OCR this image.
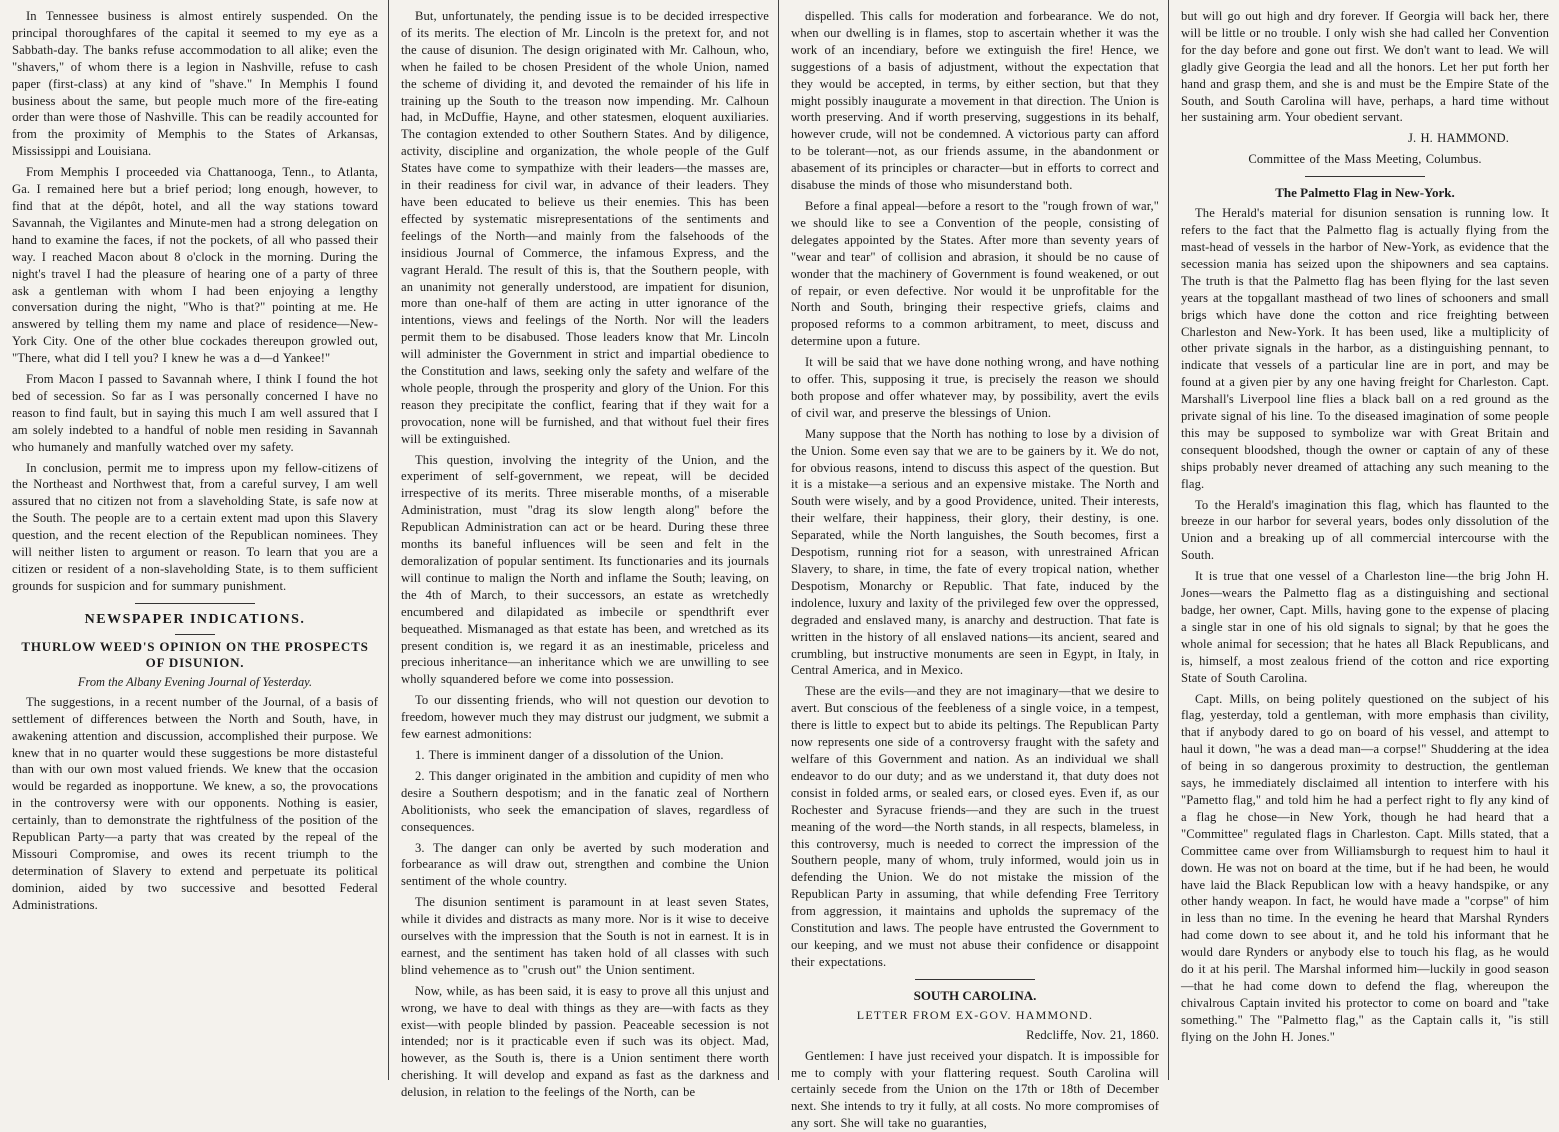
In Tennessee business is almost entirely suspended. On the principal thoroughfares of the capital it seemed to my eye as a Sabbath-day. The banks refuse accommodation to all alike; even the "shavers," of whom there is a legion in Nashville, refuse to cash paper (first-class) at any kind of "shave." In Memphis I found business about the same, but people much more of the fire-eating order than were those of Nashville. This can be readily accounted for from the proximity of Memphis to the States of Arkansas, Mississippi and Louisiana.

From Memphis I proceeded via Chattanooga, Tenn., to Atlanta, Ga. I remained here but a brief period; long enough, however, to find that at the dépôt, hotel, and all the way stations toward Savannah, the Vigilantes and Minute-men had a strong delegation on hand to examine the faces, if not the pockets, of all who passed their way. I reached Macon about 8 o'clock in the morning. During the night's travel I had the pleasure of hearing one of a party of three ask a gentleman with whom I had been enjoying a lengthy conversation during the night, "Who is that?" pointing at me. He answered by telling them my name and place of residence—New-York City. One of the other blue cockades thereupon growled out, "There, what did I tell you? I knew he was a d—d Yankee!"

From Macon I passed to Savannah where, I think I found the hot bed of secession. So far as I was personally concerned I have no reason to find fault, but in saying this much I am well assured that I am solely indebted to a handful of noble men residing in Savannah who humanely and manfully watched over my safety.

In conclusion, permit me to impress upon my fellow-citizens of the Northeast and Northwest that, from a careful survey, I am well assured that no citizen not from a slaveholding State, is safe now at the South. The people are to a certain extent mad upon this Slavery question, and the recent election of the Republican nominees. They will neither listen to argument or reason. To learn that you are a citizen or resident of a non-slaveholding State, is to them sufficient grounds for suspicion and for summary punishment.

NEWSPAPER INDICATIONS.
THURLOW WEED'S OPINION ON THE PROSPECTS OF DISUNION.
From the Albany Evening Journal of Yesterday.

The suggestions, in a recent number of the Journal, of a basis of settlement of differences between the North and South, have, in awakening attention and discussion, accomplished their purpose. We knew that in no quarter would these suggestions be more distasteful than with our own most valued friends. We knew that the occasion would be regarded as inopportune. We knew, a so, the provocations in the controversy were with our opponents. Nothing is easier, certainly, than to demonstrate the rightfulness of the position of the Republican Party—a party that was created by the repeal of the Missouri Compromise, and owes its recent triumph to the determination of Slavery to extend and perpetuate its political dominion, aided by two successive and besotted Federal Administrations.

But, unfortunately, the pending issue is to be decided irrespective of its merits. The election of Mr. Lincoln is the pretext for, and not the cause of disunion. The design originated with Mr. Calhoun, who, when he failed to be chosen President of the whole Union, named the scheme of dividing it, and devoted the remainder of his life in training up the South to the treason now impending. Mr. Calhoun had, in McDuffie, Hayne, and other statesmen, eloquent auxiliaries. The contagion extended to other Southern States. And by diligence, activity, discipline and organization, the whole people of the Gulf States have come to sympathize with their leaders—the masses are, in their readiness for civil war, in advance of their leaders. They have been educated to believe us their enemies. This has been effected by systematic misrepresentations of the sentiments and feelings of the North—and mainly from the falsehoods of the insidious Journal of Commerce, the infamous Express, and the vagrant Herald. The result of this is, that the Southern people, with an unanimity not generally understood, are impatient for disunion, more than one-half of them are acting in utter ignorance of the intentions, views and feelings of the North. Nor will the leaders permit them to be disabused. Those leaders know that Mr. Lincoln will administer the Government in strict and impartial obedience to the Constitution and laws, seeking only the safety and welfare of the whole people, through the prosperity and glory of the Union. For this reason they precipitate the conflict, fearing that if they wait for a provocation, none will be furnished, and that without fuel their fires will be extinguished.

This question, involving the integrity of the Union, and the experiment of self-government, we repeat, will be decided irrespective of its merits. Three miserable months, of a miserable Administration, must "drag its slow length along" before the Republican Administration can act or be heard. During these three months its baneful influences will be seen and felt in the demoralization of popular sentiment. Its functionaries and its journals will continue to malign the North and inflame the South; leaving, on the 4th of March, to their successors, an estate as wretchedly encumbered and dilapidated as imbecile or spendthrift ever bequeathed. Mismanaged as that estate has been, and wretched as its present condition is, we regard it as an inestimable, priceless and precious inheritance—an inheritance which we are unwilling to see wholly squandered before we come into possession.

To our dissenting friends, who will not question our devotion to freedom, however much they may distrust our judgment, we submit a few earnest admonitions:

1. There is imminent danger of a dissolution of the Union.

2. This danger originated in the ambition and cupidity of men who desire a Southern despotism; and in the fanatic zeal of Northern Abolitionists, who seek the emancipation of slaves, regardless of consequences.

3. The danger can only be averted by such moderation and forbearance as will draw out, strengthen and combine the Union sentiment of the whole country.

The disunion sentiment is paramount in at least seven States, while it divides and distracts as many more. Nor is it wise to deceive ourselves with the impression that the South is not in earnest. It is in earnest, and the sentiment has taken hold of all classes with such blind vehemence as to "crush out" the Union sentiment.

Now, while, as has been said, it is easy to prove all this unjust and wrong, we have to deal with things as they are—with facts as they exist—with people blinded by passion. Peaceable secession is not intended; nor is it practicable even if such was its object. Mad, however, as the South is, there is a Union sentiment there worth cherishing. It will develop and expand as fast as the darkness and delusion, in relation to the feelings of the North, can be

dispelled. This calls for moderation and forbearance. We do not, when our dwelling is in flames, stop to ascertain whether it was the work of an incendiary, before we extinguish the fire! Hence, we suggestions of a basis of adjustment, without the expectation that they would be accepted, in terms, by either section, but that they might possibly inaugurate a movement in that direction. The Union is worth preserving. And if worth preserving, suggestions in its behalf, however crude, will not be condemned. A victorious party can afford to be tolerant—not, as our friends assume, in the abandonment or abasement of its principles or character—but in efforts to correct and disabuse the minds of those who misunderstand both.

Before a final appeal—before a resort to the "rough frown of war," we should like to see a Convention of the people, consisting of delegates appointed by the States. After more than seventy years of "wear and tear" of collision and abrasion, it should be no cause of wonder that the machinery of Government is found weakened, or out of repair, or even defective. Nor would it be unprofitable for the North and South, bringing their respective griefs, claims and proposed reforms to a common arbitrament, to meet, discuss and determine upon a future.

It will be said that we have done nothing wrong, and have nothing to offer. This, supposing it true, is precisely the reason we should both propose and offer whatever may, by possibility, avert the evils of civil war, and preserve the blessings of Union.

Many suppose that the North has nothing to lose by a division of the Union. Some even say that we are to be gainers by it. We do not, for obvious reasons, intend to discuss this aspect of the question. But it is a mistake—a serious and an expensive mistake. The North and South were wisely, and by a good Providence, united. Their interests, their welfare, their happiness, their glory, their destiny, is one. Separated, while the North languishes, the South becomes, first a Despotism, running riot for a season, with unrestrained African Slavery, to share, in time, the fate of every tropical nation, whether Despotism, Monarchy or Republic. That fate, induced by the indolence, luxury and laxity of the privileged few over the oppressed, degraded and enslaved many, is anarchy and destruction. That fate is written in the history of all enslaved nations—its ancient, seared and crumbling, but instructive monuments are seen in Egypt, in Italy, in Central America, and in Mexico.

These are the evils—and they are not imaginary—that we desire to avert. But conscious of the feebleness of a single voice, in a tempest, there is little to expect but to abide its peltings. The Republican Party now represents one side of a controversy fraught with the safety and welfare of this Government and nation. As an individual we shall endeavor to do our duty; and as we understand it, that duty does not consist in folded arms, or sealed ears, or closed eyes. Even if, as our Rochester and Syracuse friends—and they are such in the truest meaning of the word—the North stands, in all respects, blameless, in this controversy, much is needed to correct the impression of the Southern people, many of whom, truly informed, would join us in defending the Union. We do not mistake the mission of the Republican Party in assuming, that while defending Free Territory from aggression, it maintains and upholds the supremacy of the Constitution and laws. The people have entrusted the Government to our keeping, and we must not abuse their confidence or disappoint their expectations.

SOUTH CAROLINA.
LETTER FROM EX-GOV. HAMMOND.

Redcliffe, Nov. 21, 1860.

Gentlemen: I have just received your dispatch. It is impossible for me to comply with your flattering request. South Carolina will certainly secede from the Union on the 17th or 18th of December next. She intends to try it fully, at all costs. No more compromises of any sort. She will take no guaranties,

but will go out high and dry forever. If Georgia will back her, there will be little or no trouble. I only wish she had called her Convention for the day before and gone out first. We don't want to lead. We will gladly give Georgia the lead and all the honors. Let her put forth her hand and grasp them, and she is and must be the Empire State of the South, and South Carolina will have, perhaps, a hard time without her sustaining arm. Your obedient servant.

J. H. HAMMOND.

Committee of the Mass Meeting, Columbus.

The Palmetto Flag in New-York.

The Herald's material for disunion sensation is running low. It refers to the fact that the Palmetto flag is actually flying from the mast-head of vessels in the harbor of New-York, as evidence that the secession mania has seized upon the shipowners and sea captains. The truth is that the Palmetto flag has been flying for the last seven years at the topgallant masthead of two lines of schooners and small brigs which have done the cotton and rice freighting between Charleston and New-York. It has been used, like a multiplicity of other private signals in the harbor, as a distinguishing pennant, to indicate that vessels of a particular line are in port, and may be found at a given pier by any one having freight for Charleston. Capt. Marshall's Liverpool line flies a black ball on a red ground as the private signal of his line. To the diseased imagination of some people this may be supposed to symbolize war with Great Britain and consequent bloodshed, though the owner or captain of any of these ships probably never dreamed of attaching any such meaning to the flag.

To the Herald's imagination this flag, which has flaunted to the breeze in our harbor for several years, bodes only dissolution of the Union and a breaking up of all commercial intercourse with the South.

It is true that one vessel of a Charleston line—the brig John H. Jones—wears the Palmetto flag as a distinguishing and sectional badge, her owner, Capt. Mills, having gone to the expense of placing a single star in one of his old signals to signal; by that he goes the whole animal for secession; that he hates all Black Republicans, and is, himself, a most zealous friend of the cotton and rice exporting State of South Carolina.

Capt. Mills, on being politely questioned on the subject of his flag, yesterday, told a gentleman, with more emphasis than civility, that if anybody dared to go on board of his vessel, and attempt to haul it down, "he was a dead man—a corpse!" Shuddering at the idea of being in so dangerous proximity to destruction, the gentleman says, he immediately disclaimed all intention to interfere with his "Pametto flag," and told him he had a perfect right to fly any kind of a flag he chose—in New York, though he had heard that a "Committee" regulated flags in Charleston. Capt. Mills stated, that a Committee came over from Williamsburgh to request him to haul it down. He was not on board at the time, but if he had been, he would have laid the Black Republican low with a heavy handspike, or any other handy weapon. In fact, he would have made a "corpse" of him in less than no time. In the evening he heard that Marshal Rynders had come down to see about it, and he told his informant that he would dare Rynders or anybody else to touch his flag, as he would do it at his peril. The Marshal informed him—luckily in good season—that he had come down to defend the flag, whereupon the chivalrous Captain invited his protector to come on board and "take something." The "Palmetto flag," as the Captain calls it, "is still flying on the John H. Jones."
